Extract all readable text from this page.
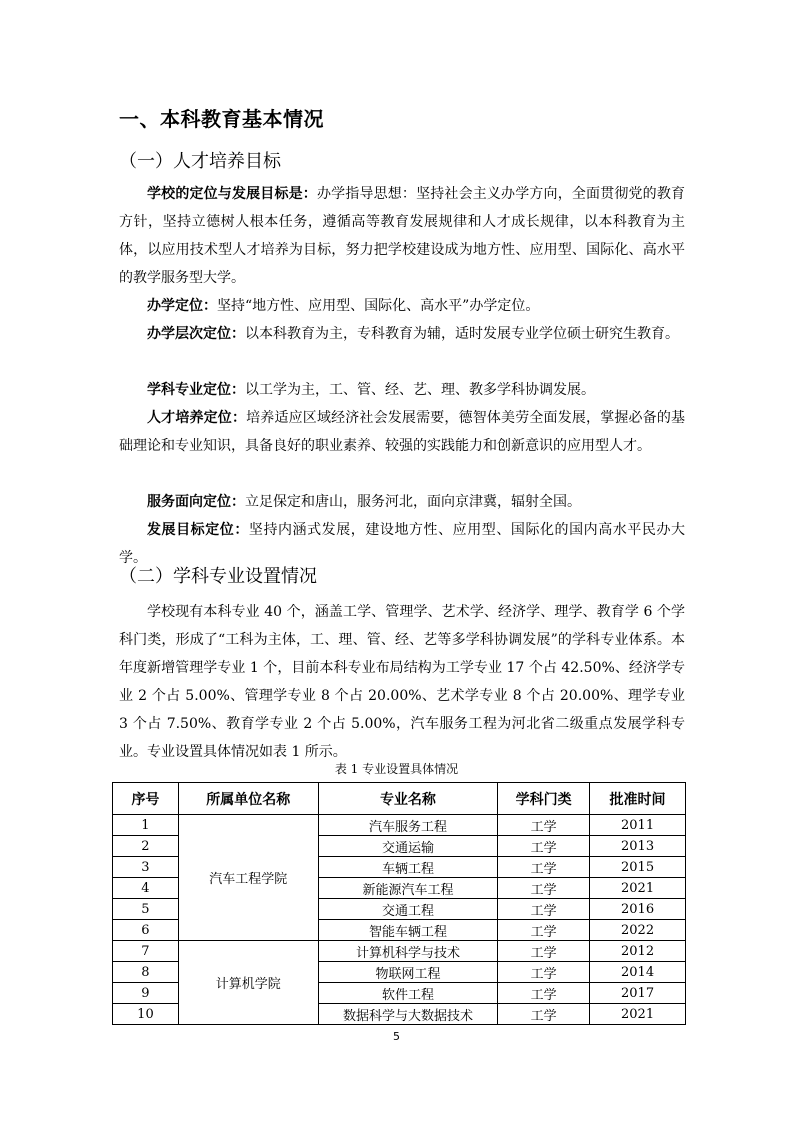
一、本科教育基本情况
（一）人才培养目标
学校的定位与发展目标是：办学指导思想：坚持社会主义办学方向，全面贯彻党的教育方针，坚持立德树人根本任务，遵循高等教育发展规律和人才成长规律，以本科教育为主体，以应用技术型人才培养为目标，努力把学校建设成为地方性、应用型、国际化、高水平的教学服务型大学。
办学定位：坚持“地方性、应用型、国际化、高水平”办学定位。
办学层次定位：以本科教育为主，专科教育为辅，适时发展专业学位硕士研究生教育。
学科专业定位：以工学为主，工、管、经、艺、理、教多学科协调发展。
人才培养定位：培养适应区域经济社会发展需要，德智体美劳全面发展，掌握必备的基础理论和专业知识，具备良好的职业素养、较强的实践能力和创新意识的应用型人才。
服务面向定位：立足保定和唐山，服务河北，面向京津冀，辐射全国。
发展目标定位：坚持内涵式发展，建设地方性、应用型、国际化的国内高水平民办大学。
（二）学科专业设置情况
学校现有本科专业 40 个，涵盖工学、管理学、艺术学、经济学、理学、教育学 6 个学科门类，形成了“工科为主体，工、理、管、经、艺等多学科协调发展”的学科专业体系。本年度新增管理学专业 1 个，目前本科专业布局结构为工学专业 17 个占 42.50%、经济学专业 2 个占 5.00%、管理学专业 8 个占 20.00%、艺术学专业 8 个占 20.00%、理学专业 3 个占 7.50%、教育学专业 2 个占 5.00%，汽车服务工程为河北省二级重点发展学科专业。专业设置具体情况如表 1 所示。
表 1 专业设置具体情况
序号	所属单位名称	专业名称	学科门类	批准时间
1	汽车工程学院	汽车服务工程	工学	2011
2		交通运输	工学	2013
3		车辆工程	工学	2015
4		新能源汽车工程	工学	2021
5		交通工程	工学	2016
6		智能车辆工程	工学	2022
7	计算机学院	计算机科学与技术	工学	2012
8		物联网工程	工学	2014
9		软件工程	工学	2017
10		数据科学与大数据技术	工学	2021
5
